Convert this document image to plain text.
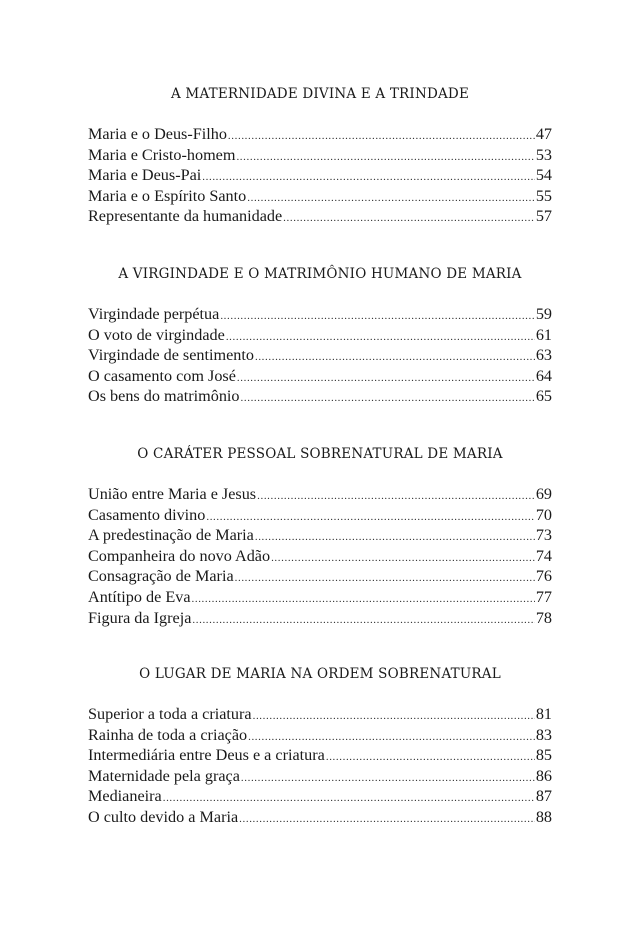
A MATERNIDADE DIVINA E A TRINDADE
Maria e o Deus-Filho .....	47
Maria e Cristo-homem .....	53
Maria e Deus-Pai .....	54
Maria e o Espírito Santo .....	55
Representante da humanidade .....	57
A VIRGINDADE E O MATRIMÔNIO HUMANO DE MARIA
Virgindade perpétua .....	59
O voto de virgindade .....	61
Virgindade de sentimento .....	63
O casamento com José .....	64
Os bens do matrimônio .....	65
O CARÁTER PESSOAL SOBRENATURAL DE MARIA
União entre Maria e Jesus .....	69
Casamento divino .....	70
A predestinação de Maria .....	73
Companheira do novo Adão .....	74
Consagração de Maria .....	76
Antítipo de Eva .....	77
Figura da Igreja .....	78
O LUGAR DE MARIA NA ORDEM SOBRENATURAL
Superior a toda a criatura .....	81
Rainha de toda a criação .....	83
Intermediária entre Deus e a criatura .....	85
Maternidade pela graça .....	86
Medianeira .....	87
O culto devido a Maria .....	88
